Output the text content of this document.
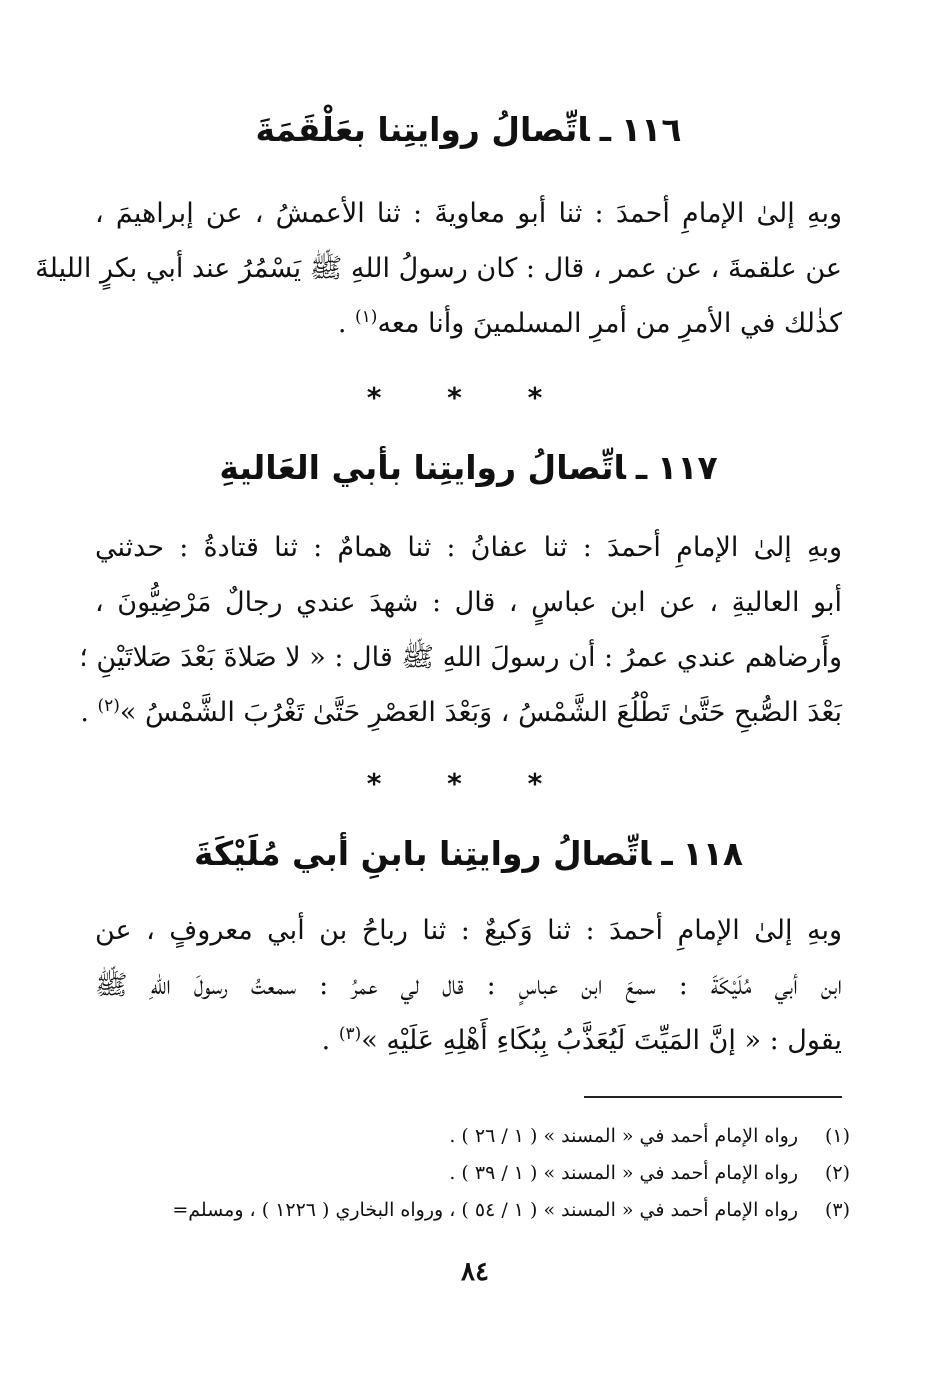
١١٦ـاتِّصالُ روايتِنا بعَلْقَمَةَ
وبهِ إلىٰ الإمامِ أحمدَ : ثنا أبو معاويةَ : ثنا الأعمشُ ، عن إبراهيمَ ،
عن علقمةَ ، عن عمر ، قال : كان رسولُ اللهِ ﷺ يَسْمُرُ عند أبي بكرٍ الليلةَ
كذٰلك في الأمرِ من أمرِ المسلمينَ وأنا معه$^{(١)}$ .
* * *
١١٧ـاتِّصالُ روايتِنا بأبي العَاليةِ
وبهِ إلىٰ الإمامِ أحمدَ : ثنا عفانُ : ثنا همامٌ : ثنا قتادةُ : حدثني
أبو العاليةِ ، عن ابن عباسٍ ، قال : شهدَ عندي رجالٌ مَرْضِيُّونَ ،
وأَرضاهم عندي عمرُ : أن رسولَ اللهِ ﷺ قال : « لا صَلاةَ بَعْدَ صَلاتَيْنِ ؛
بَعْدَ الصُّبحِ حَتَّىٰ تَطْلُعَ الشَّمْسُ ، وَبَعْدَ العَصْرِ حَتَّىٰ تَغْرُبَ الشَّمْسُ »$^{(٢)}$ .
* * *
١١٨ـاتِّصالُ روايتِنا بابنِ أبي مُلَيْكَةَ
وبهِ إلىٰ الإمامِ أحمدَ : ثنا وَكيعٌ : ثنا رباحُ بن أبي معروفٍ ، عن
ابن أبي مُلَيْكَةَ : سمعَ ابن عباسٍ : قال لي عمرُ : سمعتُ رسولَ اللهِ ﷺ
يقول : « إنَّ المَيِّتَ لَيُعَذَّبُ بِبُكَاءِ أَهْلِهِ عَلَيْهِ »$^{(٣)}$ .
(١)رواه الإمام أحمد في « المسند » ( ١ / ٢٦ ) .
(٢)رواه الإمام أحمد في « المسند » ( ١ / ٣٩ ) .
(٣)رواه الإمام أحمد في « المسند » ( ١ / ٥٤ ) ، ورواه البخاري ( ١٢٢٦ ) ، ومسلم=
٨٤
